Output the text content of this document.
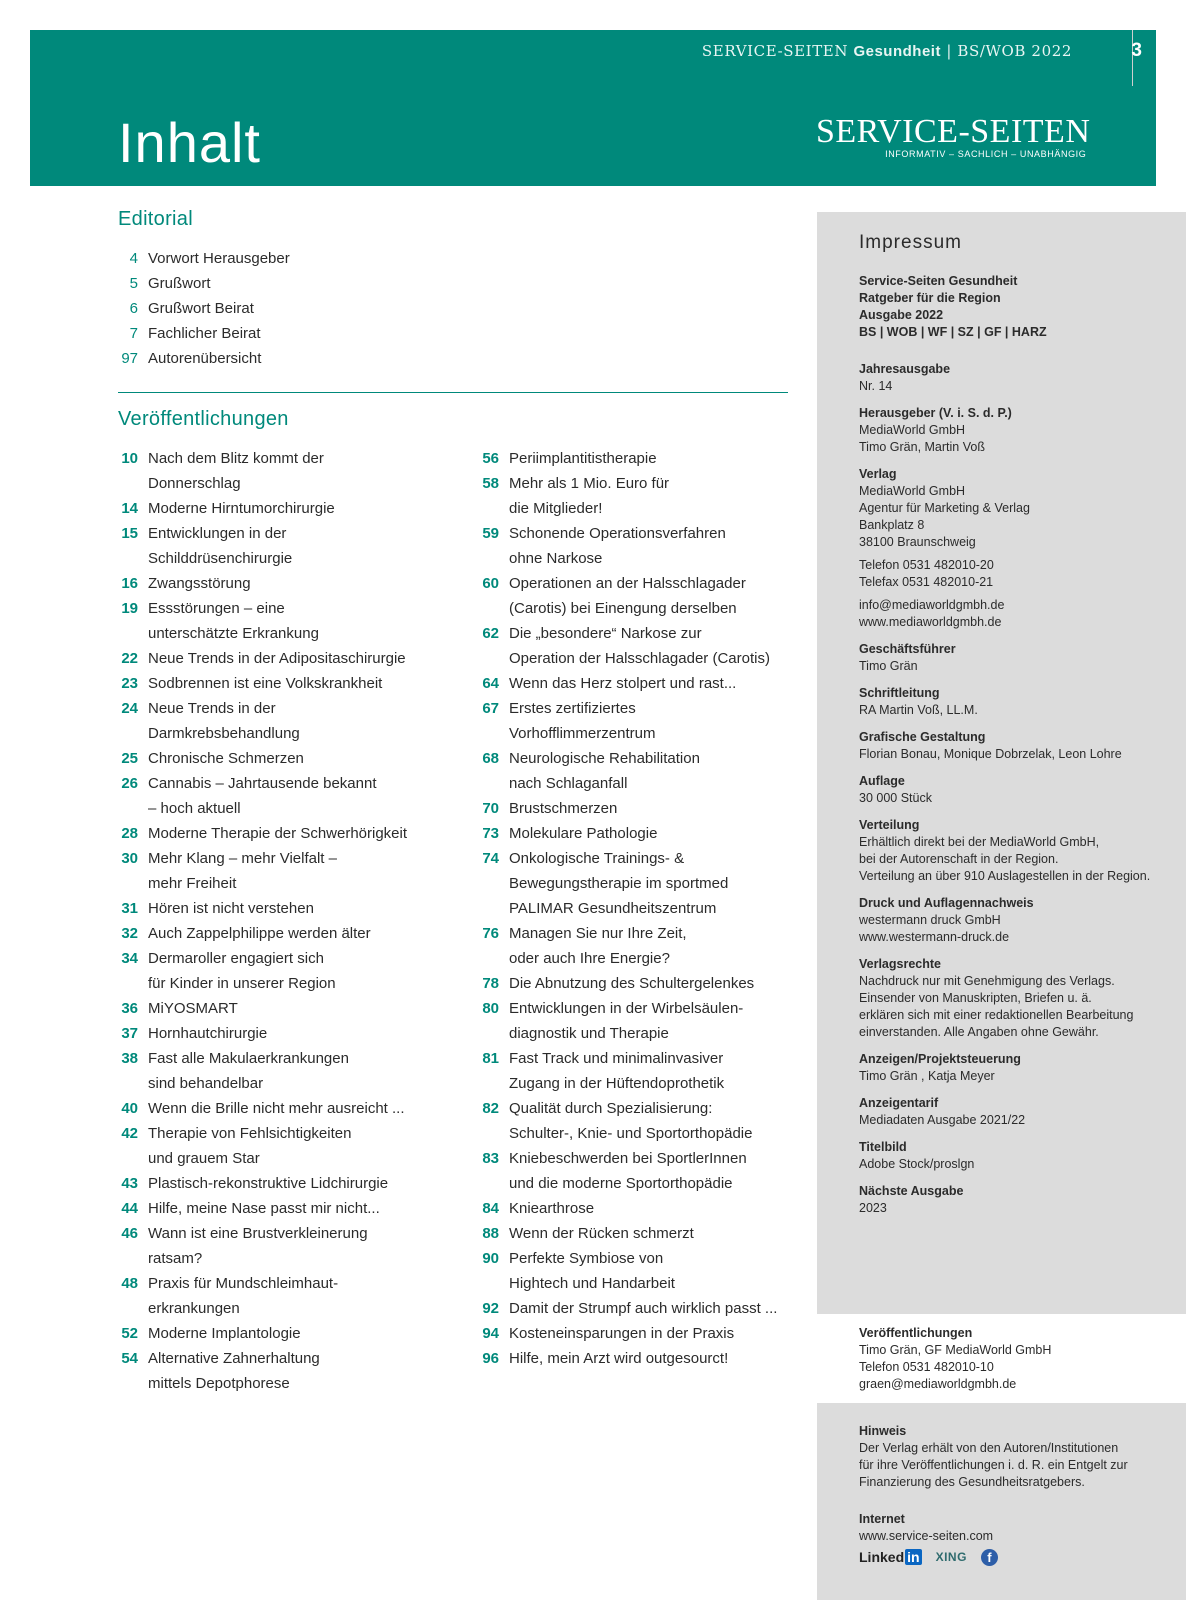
SERVICE-SEITEN Gesundheit | BS/WOB 2022	3
Inhalt	SERVICE-SEITEN
INFORMATIV – SACHLICH – UNABHÄNGIG
Editorial
4 Vorwort Herausgeber
5 Grußwort
6 Grußwort Beirat
7 Fachlicher Beirat
97 Autorenübersicht
Veröffentlichungen
10 Nach dem Blitz kommt der
Donnerschlag
14 Moderne Hirntumorchirurgie
15 Entwicklungen in der
Schilddrüsenchirurgie
16 Zwangsstörung
19 Essstörungen – eine
unterschätzte Erkrankung
22 Neue Trends in der Adipositaschirurgie
23 Sodbrennen ist eine Volkskrankheit
24 Neue Trends in der
Darmkrebsbehandlung
25 Chronische Schmerzen
26 Cannabis – Jahrtausende bekannt
– hoch aktuell
28 Moderne Therapie der Schwerhörigkeit
30 Mehr Klang – mehr Vielfalt –
mehr Freiheit
31 Hören ist nicht verstehen
32 Auch Zappelphilippe werden älter
34 Dermaroller engagiert sich
für Kinder in unserer Region
36 MiYOSMART
37 Hornhautchirurgie
38 Fast alle Makulaerkrankungen
sind behandelbar
40 Wenn die Brille nicht mehr ausreicht ...
42 Therapie von Fehlsichtigkeiten
und grauem Star
43 Plastisch-rekonstruktive Lidchirurgie
44 Hilfe, meine Nase passt mir nicht...
46 Wann ist eine Brustverkleinerung
ratsam?
48 Praxis für Mundschleimhaut-
erkrankungen
52 Moderne Implantologie
54 Alternative Zahnerhaltung
mittels Depotphorese
56 Periimplantitistherapie
58 Mehr als 1 Mio. Euro für
die Mitglieder!
59 Schonende Operationsverfahren
ohne Narkose
60 Operationen an der Halsschlagader
(Carotis) bei Einengung derselben
62 Die „besondere“ Narkose zur
Operation der Halsschlagader (Carotis)
64 Wenn das Herz stolpert und rast...
67 Erstes zertifiziertes
Vorhofflimmerzentrum
68 Neurologische Rehabilitation
nach Schlaganfall
70 Brustschmerzen
73 Molekulare Pathologie
74 Onkologische Trainings- &
Bewegungstherapie im sportmed
PALIMAR Gesundheitszentrum
76 Managen Sie nur Ihre Zeit,
oder auch Ihre Energie?
78 Die Abnutzung des Schultergelenkes
80 Entwicklungen in der Wirbelsäulen-
diagnostik und Therapie
81 Fast Track und minimalinvasiver
Zugang in der Hüftendoprothetik
82 Qualität durch Spezialisierung:
Schulter-, Knie- und Sportorthopädie
83 Kniebeschwerden bei SportlerInnen
und die moderne Sportorthopädie
84 Kniearthrose
88 Wenn der Rücken schmerzt
90 Perfekte Symbiose von
Hightech und Handarbeit
92 Damit der Strumpf auch wirklich passt ...
94 Kosteneinsparungen in der Praxis
96 Hilfe, mein Arzt wird outgesourct!
Impressum
Service-Seiten Gesundheit
Ratgeber für die Region
Ausgabe 2022
BS | WOB | WF | SZ | GF | HARZ
Jahresausgabe
Nr. 14
Herausgeber (V. i. S. d. P.)
MediaWorld GmbH
Timo Grän, Martin Voß
Verlag
MediaWorld GmbH
Agentur für Marketing & Verlag
Bankplatz 8
38100 Braunschweig
Telefon 0531 482010-20
Telefax 0531 482010-21
info@mediaworldgmbh.de
www.mediaworldgmbh.de
Geschäftsführer
Timo Grän
Schriftleitung
RA Martin Voß, LL.M.
Grafische Gestaltung
Florian Bonau, Monique Dobrzelak, Leon Lohre
Auflage
30 000 Stück
Verteilung
Erhältlich direkt bei der MediaWorld GmbH,
bei der Autorenschaft in der Region.
Verteilung an über 910 Auslagestellen in der Region.
Druck und Auflagennachweis
westermann druck GmbH
www.westermann-druck.de
Verlagsrechte
Nachdruck nur mit Genehmigung des Verlags.
Einsender von Manuskripten, Briefen u. ä.
erklären sich mit einer redaktionellen Bearbeitung
einverstanden. Alle Angaben ohne Gewähr.
Anzeigen/Projektsteuerung
Timo Grän , Katja Meyer
Anzeigentarif
Mediadaten Ausgabe 2021/22
Titelbild
Adobe Stock/proslgn
Nächste Ausgabe
2023
Veröffentlichungen
Timo Grän, GF MediaWorld GmbH
Telefon 0531 482010-10
graen@mediaworldgmbh.de
Hinweis
Der Verlag erhält von den Autoren/Institutionen
für ihre Veröffentlichungen i. d. R. ein Entgelt zur
Finanzierung des Gesundheitsratgebers.
Internet
www.service-seiten.com
Linked in XING	f
